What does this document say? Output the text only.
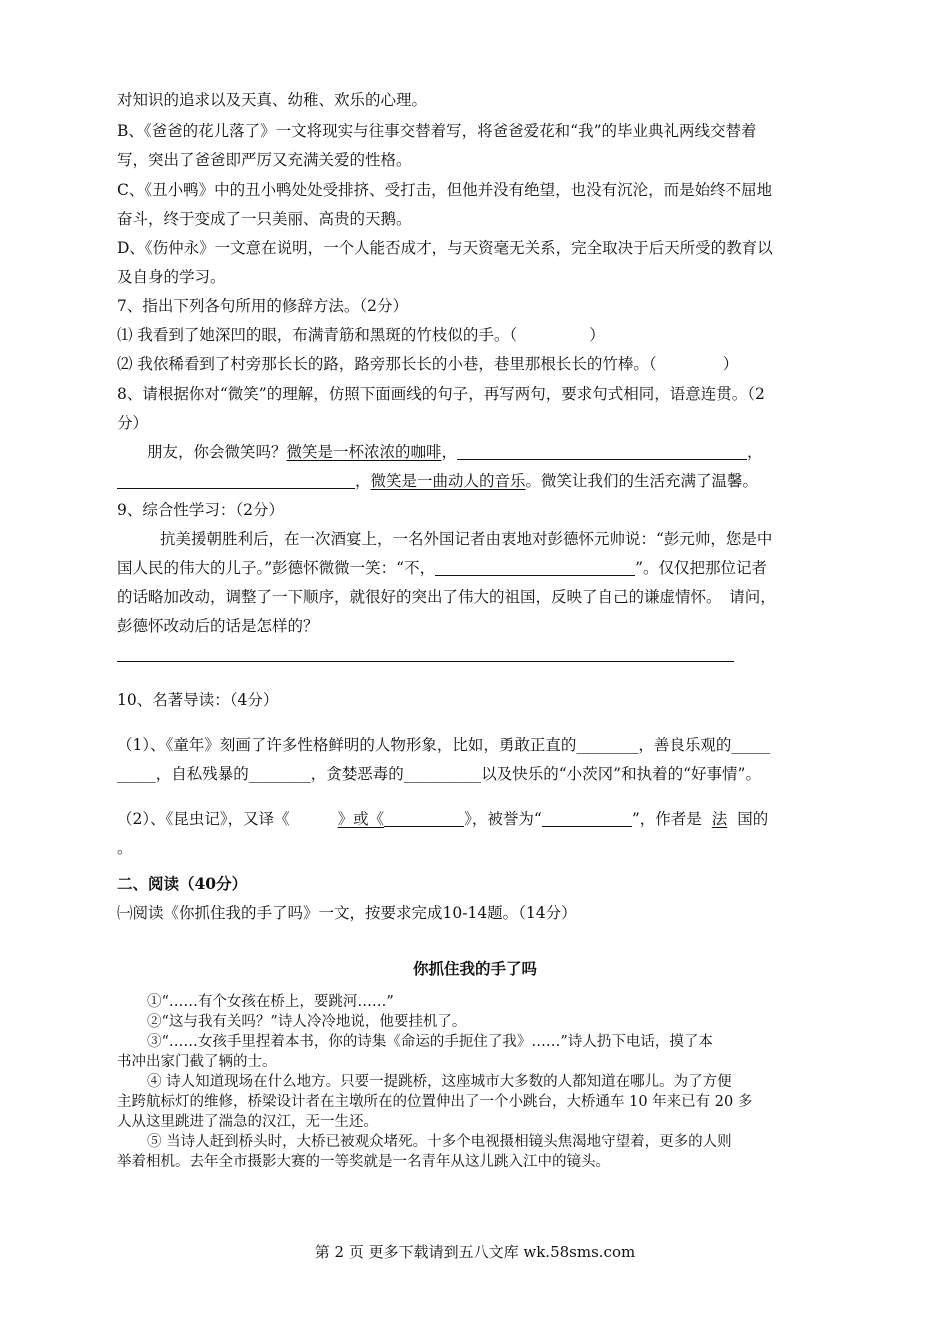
对知识的追求以及天真、幼稚、欢乐的心理。
B、《爸爸的花儿落了》一文将现实与往事交替着写，将爸爸爱花和“我”的毕业典礼两线交替着
写，突出了爸爸即严厉又充满关爱的性格。
C、《丑小鸭》中的丑小鸭处处受排挤、受打击，但他并没有绝望，也没有沉沦，而是始终不屈地
奋斗，终于变成了一只美丽、高贵的天鹅。
D、《伤仲永》一文意在说明，一个人能否成才，与天资毫无关系，完全取决于后天所受的教育以
及自身的学习。
7、指出下列各句所用的修辞方法。（2分）
⑴ 我看到了她深凹的眼，布满青筋和黑斑的竹枝似的手。（	）
⑵ 我依稀看到了村旁那长长的路，路旁那长长的小巷，巷里那根长长的竹棒。（	）
8、请根据你对“微笑”的理解，仿照下面画线的句子，再写两句，要求句式相同，语意连贯。（2
分）
朋友，你会微笑吗？微笑是一杯浓浓的咖啡，	，
，微笑是一曲动人的音乐。微笑让我们的生活充满了温馨。
9、综合性学习：（2分）
抗美援朝胜利后，在一次酒宴上，一名外国记者由衷地对彭德怀元帅说：“彭元帅，您是中
国人民的伟大的儿子。”彭德怀微微一笑：“不，	”。仅仅把那位记者
的话略加改动，调整了一下顺序，就很好的突出了伟大的祖国，反映了自己的谦虚情怀。　请问，
彭德怀改动后的话是怎样的？
10、名著导读：（4分）
（1）、《童年》刻画了许多性格鲜明的人物形象，比如，勇敢正直的________，善良乐观的_____
_____，自私残暴的________，贪婪恶毒的__________以及快乐的“小茨冈”和执着的“好事情”。
（2）、《昆虫记》，又译《	》或《	》，被誉为“	”，作者是 法 国的
。
二、阅读（40分）
㈠阅读《你抓住我的手了吗》一文，按要求完成10-14题。（14分）
你抓住我的手了吗
①“……有个女孩在桥上，要跳河……”
②“这与我有关吗？”诗人冷冷地说，他要挂机了。
③“……女孩手里捏着本书，你的诗集《命运的手扼住了我》……”诗人扔下电话，摸了本
书冲出家门截了辆的士。
④ 诗人知道现场在什么地方。只要一提跳桥，这座城市大多数的人都知道在哪儿。为了方便
主跨航标灯的维修，桥梁设计者在主墩所在的位置伸出了一个小跳台，大桥通车 10 年来已有 20 多
人从这里跳进了湍急的汉江，无一生还。
⑤ 当诗人赶到桥头时，大桥已被观众堵死。十多个电视摄相镜头焦渴地守望着，更多的人则
举着相机。去年全市摄影大赛的一等奖就是一名青年从这儿跳入江中的镜头。
第 2 页 更多下载请到五八文库 wk.58sms.com
